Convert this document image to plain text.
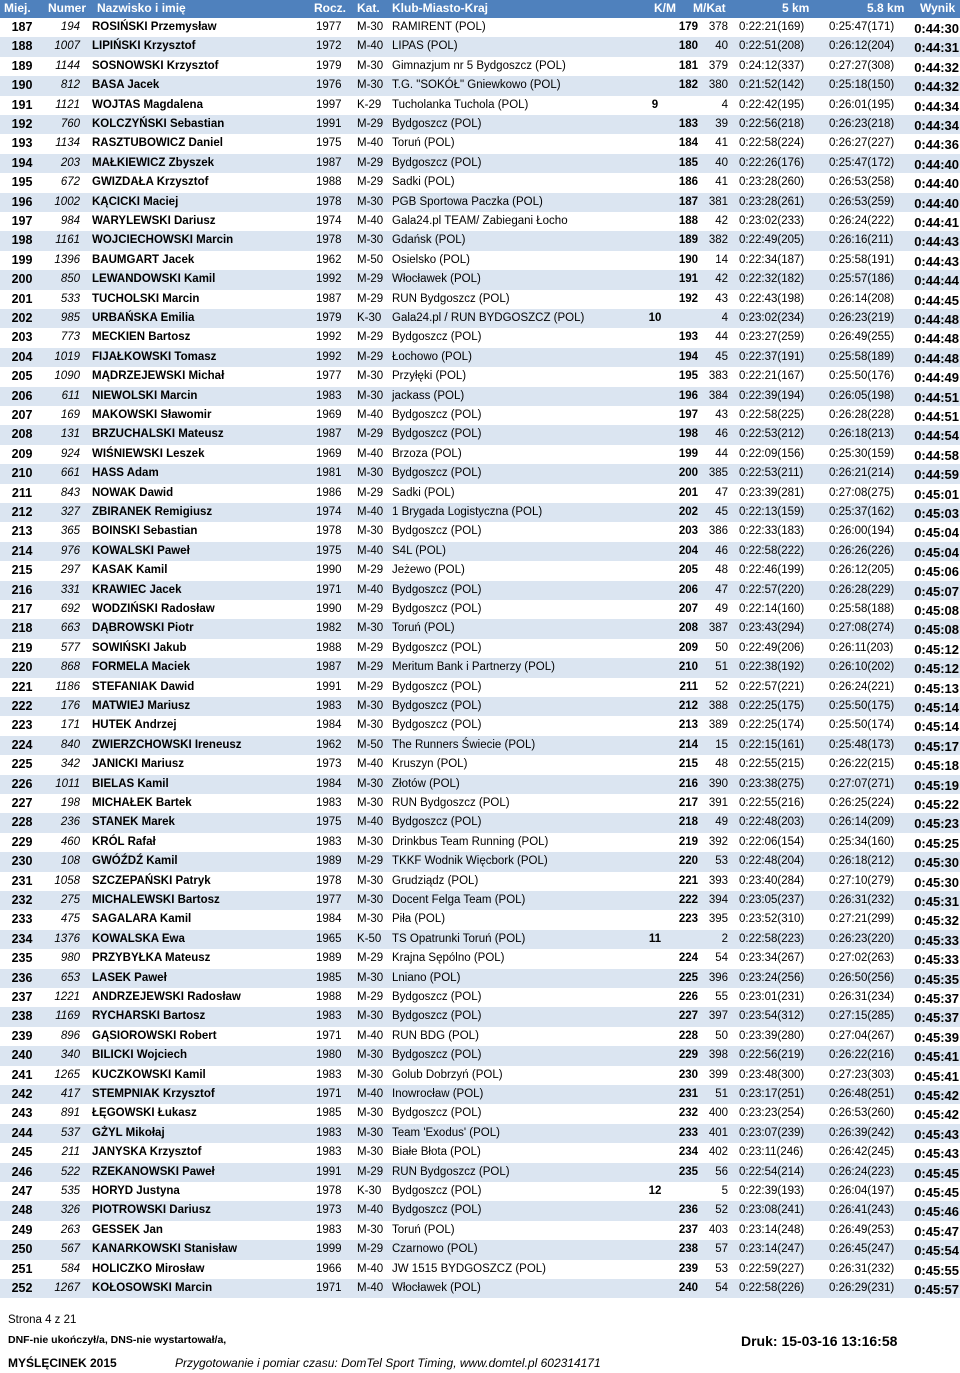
Miej. Numer Nazwisko i imię	Rocz. Kat. Klub-Miasto-Kraj	K/M M/Kat	5 km	5.8 km Wynik
187	194 ROSIŃSKI Przemysław	1977 M-30 RAMIRENT (POL)	179 378 0:22:21(169) 0:25:47(171)	0:44:30
188	1007 LIPIŃSKI Krzysztof	1972 M-40 LIPAS (POL)	180	40 0:22:51(208) 0:26:12(204)	0:44:31
189	1144 SOSNOWSKI Krzysztof	1979 M-30 Gimnazjum nr 5 Bydgoszcz (POL)	181 379 0:24:12(337) 0:27:27(308)	0:44:32
190	812 BASA Jacek	1976 M-30 T.G. "SOKÓŁ" Gniewkowo (POL)	182 380 0:21:52(142) 0:25:18(150)	0:44:32
191	1121 WOJTAS Magdalena	1997 K-29 Tucholanka Tuchola (POL)	9	4 0:22:42(195) 0:26:01(195)	0:44:34
192	760 KOLCZYŃSKI Sebastian	1991 M-29 Bydgoszcz (POL)	183	39 0:22:56(218) 0:26:23(218)	0:44:34
193	1134 RASZTUBOWICZ Daniel	1975 M-40 Toruń (POL)	184	41 0:22:58(224) 0:26:27(227)	0:44:36
194	203 MAŁKIEWICZ Zbyszek	1987 M-29 Bydgoszcz (POL)	185	40 0:22:26(176) 0:25:47(172)	0:44:40
195	672 GWIZDAŁA Krzysztof	1988 M-29 Sadki (POL)	186	41 0:23:28(260) 0:26:53(258)	0:44:40
196	1002 KĄCICKI Maciej	1978 M-30 PGB Sportowa Paczka (POL)	187 381 0:23:28(261) 0:26:53(259)	0:44:40
197	984 WARYLEWSKI Dariusz	1974 M-40 Gala24.pl TEAM/ Zabiegani Łocho	188	42 0:23:02(233) 0:26:24(222)	0:44:41
198	1161 WOJCIECHOWSKI Marcin	1978 M-30 Gdańsk (POL)	189 382 0:22:49(205) 0:26:16(211)	0:44:43
199	1396 BAUMGART Jacek	1962 M-50 Osielsko (POL)	190	14 0:22:34(187) 0:25:58(191)	0:44:43
200	850 LEWANDOWSKI Kamil	1992 M-29 Włocławek (POL)	191	42 0:22:32(182) 0:25:57(186)	0:44:44
201	533 TUCHOLSKI Marcin	1987 M-29 RUN Bydgoszcz (POL)	192	43 0:22:43(198) 0:26:14(208)	0:44:45
202	985 URBAŃSKA Emilia	1979 K-30 Gala24.pl / RUN BYDGOSZCZ (POL)	10	4 0:23:02(234) 0:26:23(219)	0:44:48
203	773 MECKIEN Bartosz	1992 M-29 Bydgoszcz (POL)	193	44 0:23:27(259) 0:26:49(255)	0:44:48
204	1019 FIJAŁKOWSKI Tomasz	1992 M-29 Łochowo (POL)	194	45 0:22:37(191) 0:25:58(189)	0:44:48
205	1090 MĄDRZEJEWSKI Michał	1977 M-30 Przyłęki (POL)	195 383 0:22:21(167) 0:25:50(176)	0:44:49
206	611 NIEWOLSKI Marcin	1983 M-30 jackass (POL)	196 384 0:22:39(194) 0:26:05(198)	0:44:51
207	169 MAKOWSKI Sławomir	1969 M-40 Bydgoszcz (POL)	197	43 0:22:58(225) 0:26:28(228)	0:44:51
208	131 BRZUCHALSKI Mateusz	1987 M-29 Bydgoszcz (POL)	198	46 0:22:53(212) 0:26:18(213)	0:44:54
209	924 WIŚNIEWSKI Leszek	1969 M-40 Brzoza (POL)	199	44 0:22:09(156) 0:25:30(159)	0:44:58
210	661 HASS Adam	1981 M-30 Bydgoszcz (POL)	200 385 0:22:53(211) 0:26:21(214)	0:44:59
211	843 NOWAK Dawid	1986 M-29 Sadki (POL)	201	47 0:23:39(281) 0:27:08(275)	0:45:01
212	327 ZBIRANEK Remigiusz	1974 M-40 1 Brygada Logistyczna (POL)	202	45 0:22:13(159) 0:25:37(162)	0:45:03
213	365 BOINSKI Sebastian	1978 M-30 Bydgoszcz (POL)	203 386 0:22:33(183) 0:26:00(194)	0:45:04
214	976 KOWALSKI Paweł	1975 M-40 S4L (POL)	204	46 0:22:58(222) 0:26:26(226)	0:45:04
215	297 KASAK Kamil	1990 M-29 Jeżewo (POL)	205	48 0:22:46(199) 0:26:12(205)	0:45:06
216	331 KRAWIEC Jacek	1971 M-40 Bydgoszcz (POL)	206	47 0:22:57(220) 0:26:28(229)	0:45:07
217	692 WODZIŃSKI Radosław	1990 M-29 Bydgoszcz (POL)	207	49 0:22:14(160) 0:25:58(188)	0:45:08
218	663 DĄBROWSKI Piotr	1982 M-30 Toruń (POL)	208 387 0:23:43(294) 0:27:08(274)	0:45:08
219	577 SOWIŃSKI Jakub	1988 M-29 Bydgoszcz (POL)	209	50 0:22:49(206) 0:26:11(203)	0:45:12
220	868 FORMELA Maciek	1987 M-29 Meritum Bank i Partnerzy (POL)	210	51 0:22:38(192) 0:26:10(202)	0:45:12
221	1186 STEFANIAK Dawid	1991 M-29 Bydgoszcz (POL)	211	52 0:22:57(221) 0:26:24(221)	0:45:13
222	176 MATWIEJ Mariusz	1983 M-30 Bydgoszcz (POL)	212 388 0:22:25(175) 0:25:50(175)	0:45:14
223	171 HUTEK Andrzej	1984 M-30 Bydgoszcz (POL)	213 389 0:22:25(174) 0:25:50(174)	0:45:14
224	840 ZWIERZCHOWSKI Ireneusz	1962 M-50 The Runners Świecie (POL)	214	15 0:22:15(161) 0:25:48(173)	0:45:17
225	342 JANICKI Mariusz	1973 M-40 Kruszyn (POL)	215	48 0:22:55(215) 0:26:22(215)	0:45:18
226	1011 BIELAS Kamil	1984 M-30 Złotów (POL)	216 390 0:23:38(275) 0:27:07(271)	0:45:19
227	198 MICHAŁEK Bartek	1983 M-30 RUN Bydgoszcz (POL)	217 391 0:22:55(216) 0:26:25(224)	0:45:22
228	236 STANEK Marek	1975 M-40 Bydgoszcz (POL)	218	49 0:22:48(203) 0:26:14(209)	0:45:23
229	460 KRÓL Rafał	1983 M-30 Drinkbus Team Running (POL)	219 392 0:22:06(154) 0:25:34(160)	0:45:25
230	108 GWÓŹDŹ Kamil	1989 M-29 TKKF Wodnik Więcbork (POL)	220	53 0:22:48(204) 0:26:18(212)	0:45:30
231	1058 SZCZEPAŃSKI Patryk	1978 M-30 Grudziądz (POL)	221 393 0:23:40(284) 0:27:10(279)	0:45:30
232	275 MICHALEWSKI Bartosz	1977 M-30 Docent Felga Team (POL)	222 394 0:23:05(237) 0:26:31(232)	0:45:31
233	475 SAGALARA Kamil	1984 M-30 Piła (POL)	223 395 0:23:52(310) 0:27:21(299)	0:45:32
234	1376 KOWALSKA Ewa	1965 K-50 TS Opatrunki Toruń (POL)	11	2 0:22:58(223) 0:26:23(220)	0:45:33
235	980 PRZYBYŁKA Mateusz	1989 M-29 Krajna Sępólno (POL)	224	54 0:23:34(267) 0:27:02(263)	0:45:33
236	653 LASEK Paweł	1985 M-30 Lniano (POL)	225 396 0:23:24(256) 0:26:50(256)	0:45:35
237	1221 ANDRZEJEWSKI Radosław	1988 M-29 Bydgoszcz (POL)	226	55 0:23:01(231) 0:26:31(234)	0:45:37
238	1169 RYCHARSKI Bartosz	1983 M-30 Bydgoszcz (POL)	227 397 0:23:54(312) 0:27:15(285)	0:45:37
239	896 GĄSIOROWSKI Robert	1971 M-40 RUN BDG (POL)	228	50 0:23:39(280) 0:27:04(267)	0:45:39
240	340 BILICKI Wojciech	1980 M-30 Bydgoszcz (POL)	229 398 0:22:56(219) 0:26:22(216)	0:45:41
241	1265 KUCZKOWSKI Kamil	1983 M-30 Golub Dobrzyń (POL)	230 399 0:23:48(300) 0:27:23(303)	0:45:41
242	417 STEMPNIAK Krzysztof	1971 M-40 Inowrocław (POL)	231	51 0:23:17(251) 0:26:48(251)	0:45:42
243	891 ŁĘGOWSKI Łukasz	1985 M-30 Bydgoszcz (POL)	232 400 0:23:23(254) 0:26:53(260)	0:45:42
244	537 GŻYL Mikołaj	1983 M-30 Team 'Exodus' (POL)	233 401 0:23:07(239) 0:26:39(242)	0:45:43
245	211 JANYSKA Krzysztof	1983 M-30 Białe Błota (POL)	234 402 0:23:11(246) 0:26:42(245)	0:45:43
246	522 RZEKANOWSKI Paweł	1991 M-29 RUN Bydgoszcz (POL)	235	56 0:22:54(214) 0:26:24(223)	0:45:45
247	535 HORYD Justyna	1978 K-30 Bydgoszcz (POL)	12	5 0:22:39(193) 0:26:04(197)	0:45:45
248	326 PIOTROWSKI Dariusz	1973 M-40 Bydgoszcz (POL)	236	52 0:23:08(241) 0:26:41(243)	0:45:46
249	263 GESSEK Jan	1983 M-30 Toruń (POL)	237 403 0:23:14(248) 0:26:49(253)	0:45:47
250	567 KANARKOWSKI Stanisław	1999 M-29 Czarnowo (POL)	238	57 0:23:14(247) 0:26:45(247)	0:45:54
251	584 HOLICZKO Mirosław	1966 M-40 JW 1515 BYDGOSZCZ (POL)	239	53 0:22:59(227) 0:26:31(232)	0:45:55
252	1267 KOŁOSOWSKI Marcin	1971 M-40 Włocławek (POL)	240	54 0:22:58(226) 0:26:29(231)	0:45:57
Strona 4 z 21
DNF-nie ukończył/a, DNS-nie wystartował/a,
MYŚLĘCINEK 2015	Przygotowanie i pomiar czasu: DomTel Sport Timing, www.domtel.pl 602314171
Druk: 15-03-16 13:16:58
